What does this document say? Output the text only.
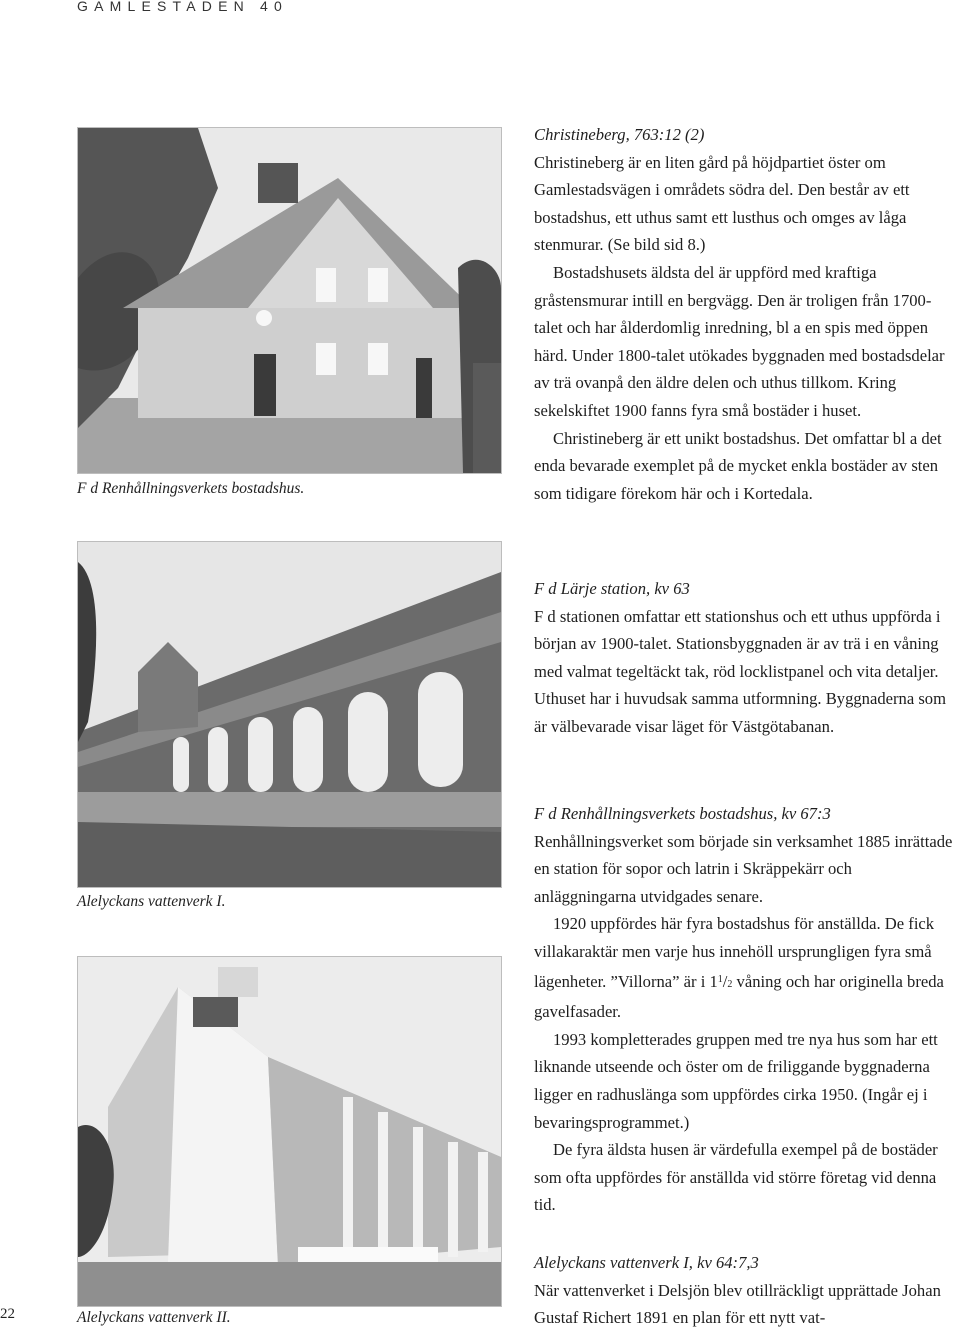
GAMLESTADEN 40
F d Renhållningsverkets bostadshus.
Alelyckans vattenverk I.
Alelyckans vattenverk II.

Christineberg, 763:12 (2)

Christineberg är en liten gård på höjdpartiet öster om Gamlestadsvägen i områdets södra del. Den består av ett bostadshus, ett uthus samt ett lusthus och omges av låga stenmurar. (Se bild sid 8.)

Bostadshusets äldsta del är uppförd med kraftiga gråstensmurar intill en bergvägg. Den är troligen från 1700-talet och har ålderdomlig inredning, bl a en spis med öppen härd. Under 1800-talet utökades byggnaden med bostadsdelar av trä ovanpå den äldre delen och uthus tillkom. Kring sekelskiftet 1900 fanns fyra små bostäder i huset.

Christineberg är ett unikt bostadshus. Det omfattar bl a det enda bevarade exemplet på de mycket enkla bostäder av sten som tidigare förekom här och i Kortedala.

F d Lärje station, kv 63

F d stationen omfattar ett stationshus och ett uthus uppförda i början av 1900-talet. Stationsbyggnaden är av trä i en våning med valmat tegeltäckt tak, röd locklistpanel och vita detaljer. Uthuset har i huvudsak samma utformning. Byggnaderna som är välbevarade visar läget för Västgötabanan.

F d Renhållningsverkets bostadshus, kv 67:3

Renhållningsverket som började sin verksamhet 1885 inrättade en station för sopor och latrin i Skräppekärr och anläggningarna utvidgades senare.

1920 uppfördes här fyra bostadshus för anställda. De fick villakaraktär men varje hus innehöll ursprungligen fyra små lägenheter. ”Villorna” är i $1^1/2$ våning och har originella breda gavelfasader.

1993 kompletterades gruppen med tre nya hus som har ett liknande utseende och öster om de friliggande byggnaderna ligger en radhuslänga som uppfördes cirka 1950. (Ingår ej i bevaringsprogrammet.)

De fyra äldsta husen är värdefulla exempel på de bostäder som ofta uppfördes för anställda vid större företag vid denna tid.

Alelyckans vattenverk I, kv 64:7,3

När vattenverket i Delsjön blev otillräckligt upprättade Johan Gustaf Richert 1891 en plan för ett nytt vat-

22
